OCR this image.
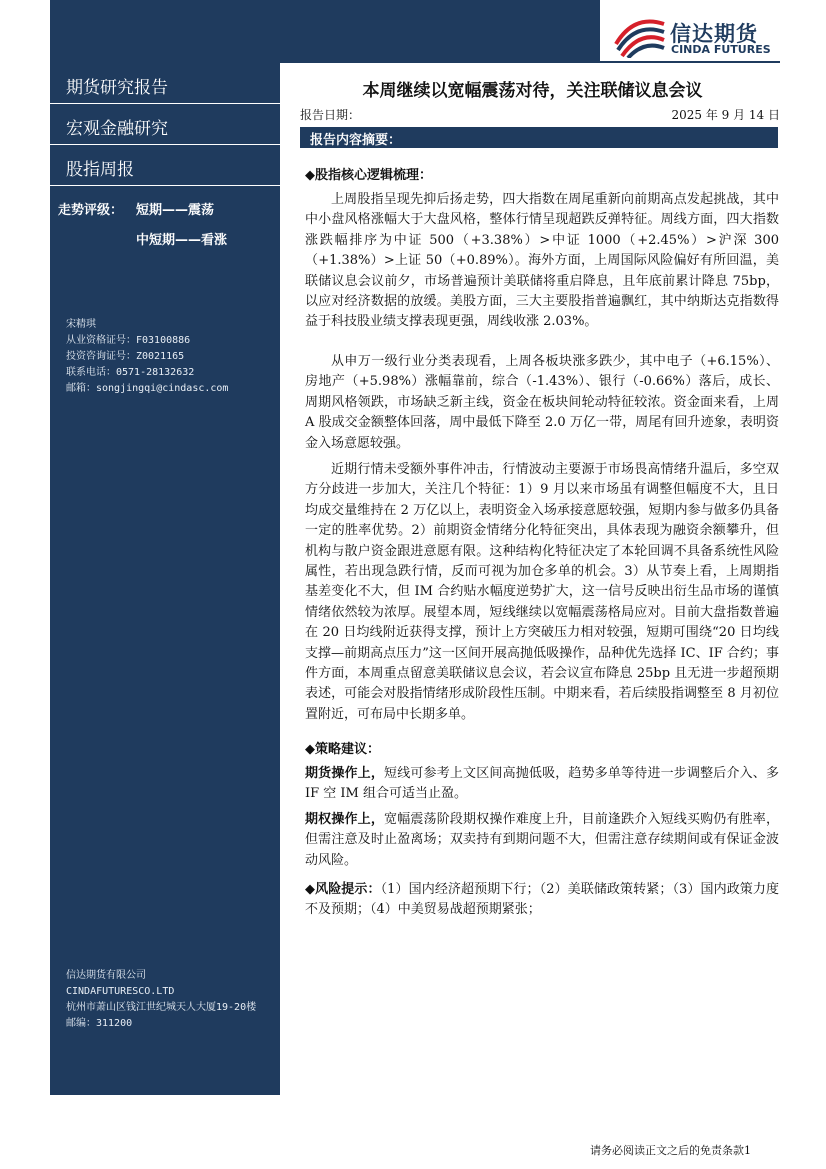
信达期货
CINDA FUTURES
期货研究报告
宏观金融研究
股指周报
走势评级： 短期——震荡
中短期——看涨
宋精琪
从业资格证号：F03100886
投资咨询证号：Z0021165
联系电话：0571-28132632
邮箱：songjingqi@cindasc.com
信达期货有限公司
CINDAFUTURESCO.LTD
杭州市萧山区钱江世纪城天人大厦19-20楼
邮编：311200
本周继续以宽幅震荡对待，关注联储议息会议
报告日期：	2025 年 9 月 14 日
报告内容摘要：
◆股指核心逻辑梳理：

上周股指呈现先抑后扬走势，四大指数在周尾重新向前期高点发起挑战，其中中小盘风格涨幅大于大盘风格，整体行情呈现超跌反弹特征。周线方面，四大指数涨跌幅排序为中证 500（+3.38%）>中证 1000（+2.45%）>沪深 300（+1.38%）>上证 50（+0.89%）。海外方面，上周国际风险偏好有所回温，美联储议息会议前夕，市场普遍预计美联储将重启降息，且年底前累计降息 75bp，以应对经济数据的放缓。美股方面，三大主要股指普遍飘红，其中纳斯达克指数得益于科技股业绩支撑表现更强，周线收涨 2.03%。

从申万一级行业分类表现看，上周各板块涨多跌少，其中电子（+6.15%）、房地产（+5.98%）涨幅靠前，综合（-1.43%）、银行（-0.66%）落后，成长、周期风格领跌，市场缺乏新主线，资金在板块间轮动特征较浓。资金面来看，上周 A 股成交金额整体回落，周中最低下降至 2.0 万亿一带，周尾有回升迹象，表明资金入场意愿较强。

近期行情未受额外事件冲击，行情波动主要源于市场畏高情绪升温后，多空双方分歧进一步加大，关注几个特征：1）9 月以来市场虽有调整但幅度不大，且日均成交量维持在 2 万亿以上，表明资金入场承接意愿较强，短期内参与做多仍具备一定的胜率优势。2）前期资金情绪分化特征突出，具体表现为融资余额攀升，但机构与散户资金跟进意愿有限。这种结构化特征决定了本轮回调不具备系统性风险属性，若出现急跌行情，反而可视为加仓多单的机会。3）从节奏上看，上周期指基差变化不大，但 IM 合约贴水幅度逆势扩大，这一信号反映出衍生品市场的谨慎情绪依然较为浓厚。展望本周，短线继续以宽幅震荡格局应对。目前大盘指数普遍在 20 日均线附近获得支撑，预计上方突破压力相对较强，短期可围绕“20 日均线支撑—前期高点压力”这一区间开展高抛低吸操作，品种优先选择 IC、IF 合约；事件方面，本周重点留意美联储议息会议，若会议宣布降息 25bp 且无进一步超预期表述，可能会对股指情绪形成阶段性压制。中期来看，若后续股指调整至 8 月初位置附近，可布局中长期多单。

◆策略建议：

期货操作上，短线可参考上文区间高抛低吸，趋势多单等待进一步调整后介入、多 IF 空 IM 组合可适当止盈。

期权操作上，宽幅震荡阶段期权操作难度上升，目前逢跌介入短线买购仍有胜率，但需注意及时止盈离场；双卖持有到期问题不大，但需注意存续期间或有保证金波动风险。

◆风险提示：（1）国内经济超预期下行；（2）美联储政策转紧；（3）国内政策力度不及预期；（4）中美贸易战超预期紧张；

请务必阅读正文之后的免责条款1
